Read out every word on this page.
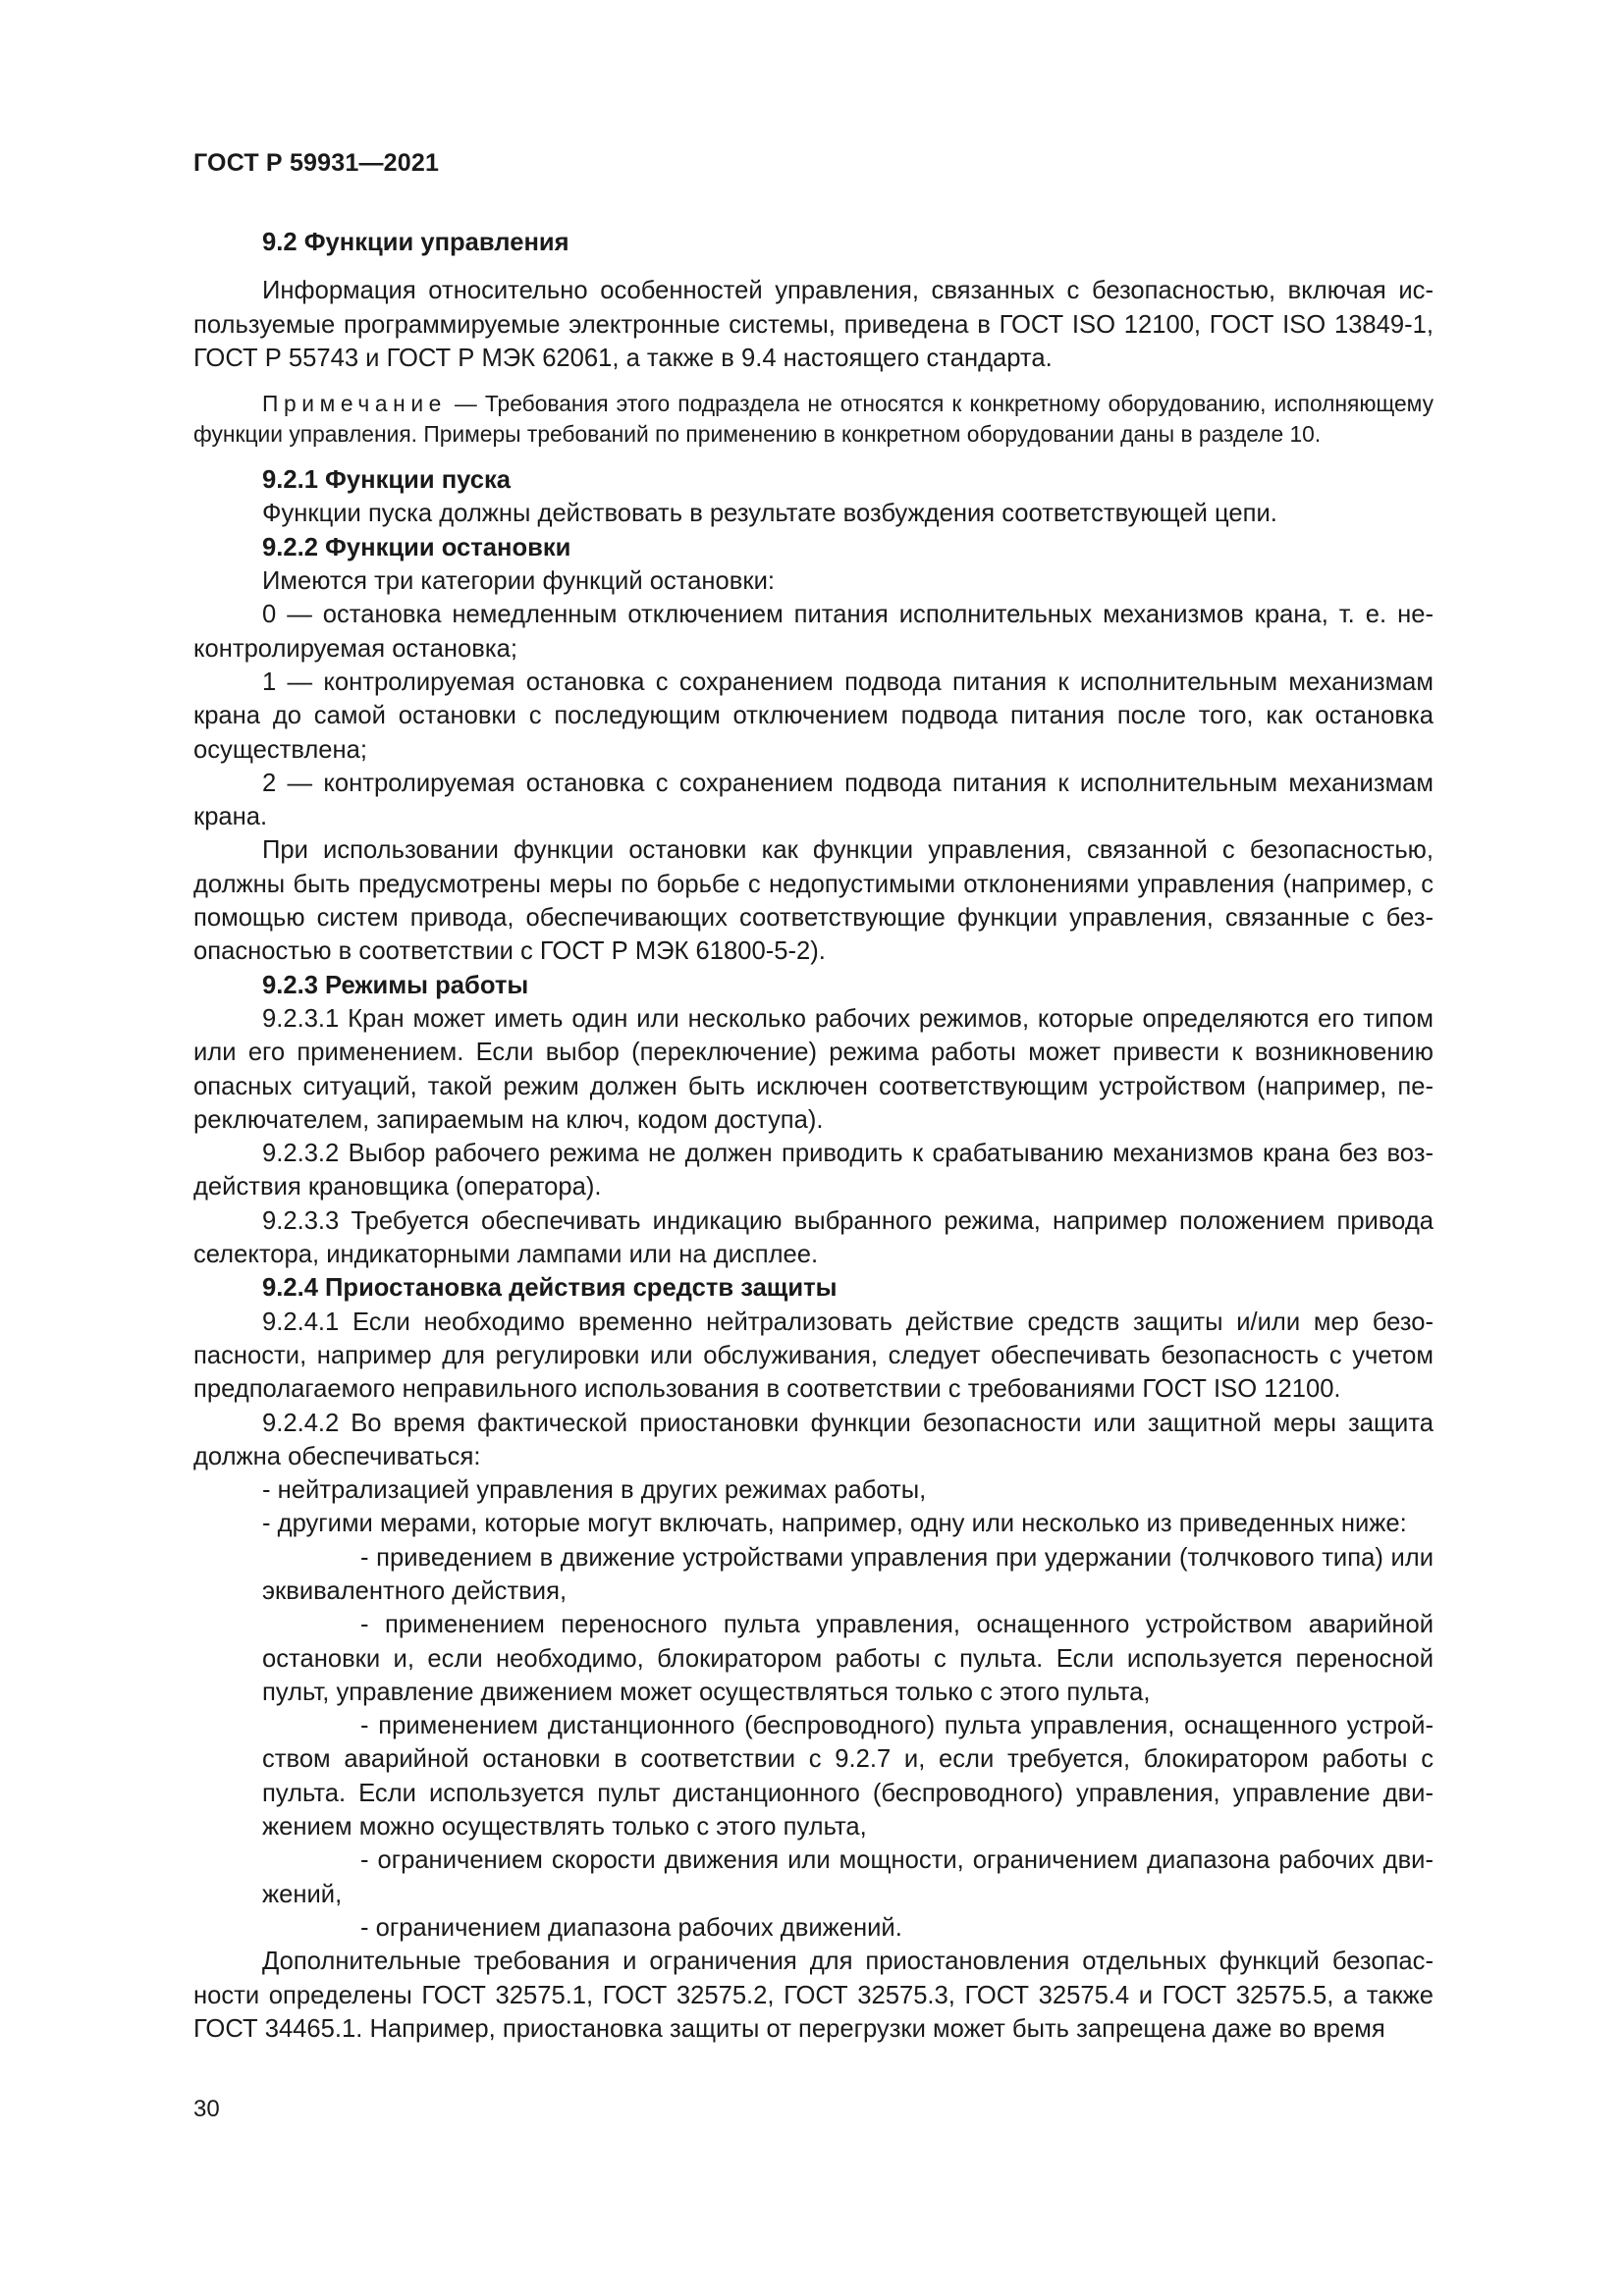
ГОСТ Р 59931—2021

9.2 Функции управления

Информация относительно особенностей управления, связанных с безопасностью, включая используемые программируемые электронные системы, приведена в ГОСТ ISO 12100, ГОСТ ISO 13849-1, ГОСТ Р 55743 и ГОСТ Р МЭК 62061, а также в 9.4 настоящего стандарта.

Примечание — Требования этого подраздела не относятся к конкретному оборудованию, исполняющему функции управления. Примеры требований по применению в конкретном оборудовании даны в разделе 10.

9.2.1 Функции пуска

Функции пуска должны действовать в результате возбуждения соответствующей цепи.

9.2.2 Функции остановки

Имеются три категории функций остановки:

0 — остановка немедленным отключением питания исполнительных механизмов крана, т. е. неконтролируемая остановка;

1 — контролируемая остановка с сохранением подвода питания к исполнительным механизмам крана до самой остановки с последующим отключением подвода питания после того, как остановка осуществлена;

2 — контролируемая остановка с сохранением подвода питания к исполнительным механизмам крана.

При использовании функции остановки как функции управления, связанной с безопасностью, должны быть предусмотрены меры по борьбе с недопустимыми отклонениями управления (например, с помощью систем привода, обеспечивающих соответствующие функции управления, связанные с безопасностью в соответствии с ГОСТ Р МЭК 61800-5-2).

9.2.3 Режимы работы

9.2.3.1 Кран может иметь один или несколько рабочих режимов, которые определяются его типом или его применением. Если выбор (переключение) режима работы может привести к возникновению опасных ситуаций, такой режим должен быть исключен соответствующим устройством (например, переключателем, запираемым на ключ, кодом доступа).

9.2.3.2 Выбор рабочего режима не должен приводить к срабатыванию механизмов крана без воздействия крановщика (оператора).

9.2.3.3 Требуется обеспечивать индикацию выбранного режима, например положением привода селектора, индикаторными лампами или на дисплее.

9.2.4 Приостановка действия средств защиты

9.2.4.1 Если необходимо временно нейтрализовать действие средств защиты и/или мер безопасности, например для регулировки или обслуживания, следует обеспечивать безопасность с учетом предполагаемого неправильного использования в соответствии с требованиями ГОСТ ISO 12100.

9.2.4.2 Во время фактической приостановки функции безопасности или защитной меры защита должна обеспечиваться:

- нейтрализацией управления в других режимах работы,

- другими мерами, которые могут включать, например, одну или несколько из приведенных ниже:

- приведением в движение устройствами управления при удержании (толчкового типа) или эквивалентного действия,

- применением переносного пульта управления, оснащенного устройством аварийной остановки и, если необходимо, блокиратором работы с пульта. Если используется переносной пульт, управление движением может осуществляться только с этого пульта,

- применением дистанционного (беспроводного) пульта управления, оснащенного устройством аварийной остановки в соответствии с 9.2.7 и, если требуется, блокиратором работы с пульта. Если используется пульт дистанционного (беспроводного) управления, управление движением можно осуществлять только с этого пульта,

- ограничением скорости движения или мощности, ограничением диапазона рабочих движений,

- ограничением диапазона рабочих движений.

Дополнительные требования и ограничения для приостановления отдельных функций безопасности определены ГОСТ 32575.1, ГОСТ 32575.2, ГОСТ 32575.3, ГОСТ 32575.4 и ГОСТ 32575.5, а также ГОСТ 34465.1. Например, приостановка защиты от перегрузки может быть запрещена даже во время

30
